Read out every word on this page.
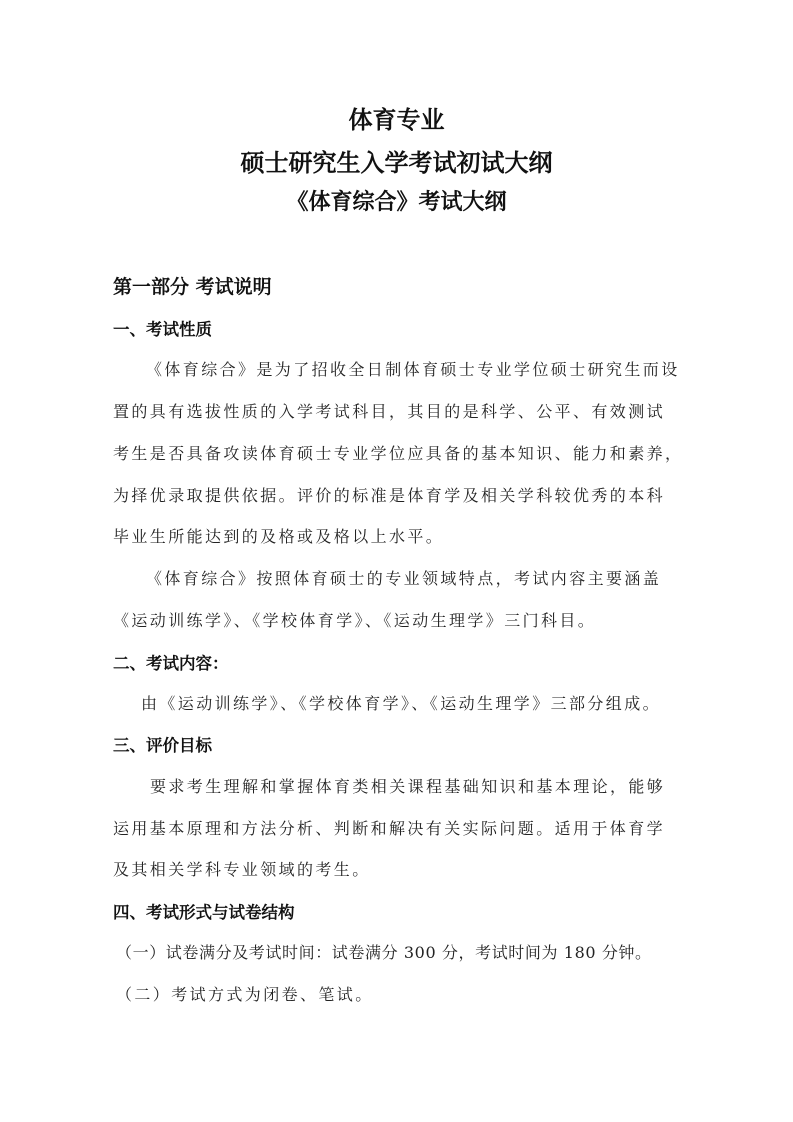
体育专业
硕士研究生入学考试初试大纲
《体育综合》考试大纲
第一部分 考试说明
一、考试性质
《体育综合》是为了招收全日制体育硕士专业学位硕士研究生而设
置的具有选拔性质的入学考试科目，其目的是科学、公平、有效测试
考生是否具备攻读体育硕士专业学位应具备的基本知识、能力和素养，
为择优录取提供依据。评价的标准是体育学及相关学科较优秀的本科
毕业生所能达到的及格或及格以上水平。
《体育综合》按照体育硕士的专业领域特点，考试内容主要涵盖
《运动训练学》、《学校体育学》、《运动生理学》三门科目。
二、考试内容：
由《运动训练学》、《学校体育学》、《运动生理学》三部分组成。
三、评价目标
要求考生理解和掌握体育类相关课程基础知识和基本理论，能够
运用基本原理和方法分析、判断和解决有关实际问题。适用于体育学
及其相关学科专业领域的考生。
四、考试形式与试卷结构
（一）试卷满分及考试时间：试卷满分 300 分，考试时间为 180 分钟。
（二）考试方式为闭卷、笔试。
